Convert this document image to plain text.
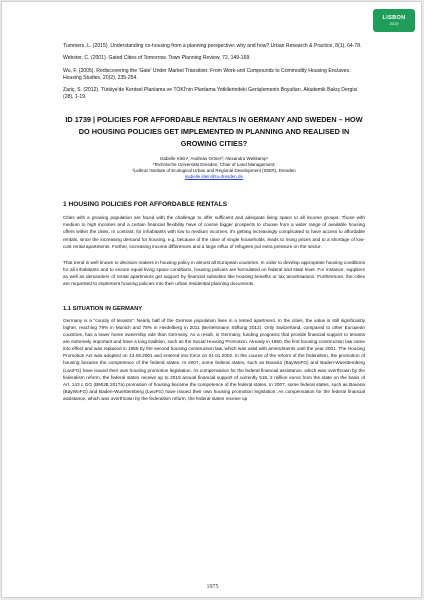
LISBON
2019

Tummers, L. (2015). Understanding co-housing from a planning perspective: why and how? Urban Research & Practice, 8(1), 64-78.

Webster, C. (2001). Gated Cities of Tomorrow. Town Planning Review, 72, 149-169.

Wu, F. (2005). Rediscovering the 'Gate' Under Market Transition: From Work-unit Compounds to Commodity Housing Enclaves. Housing Studies, 20(2), 235-254.

Zariç, S. (2012). Türkiye'de Kentsel Planlama ve TOKİ'nin Planlama Yetkilerindeki Genişlemenin Boyutları. Akademik Bakış Dergisi (28), 1-19.

ID 1739 | POLICIES FOR AFFORDABLE RENTALS IN GERMANY AND SWEDEN – HOW DO HOUSING POLICIES GET IMPLEMENTED IN PLANNING AND REALISED IN GROWING CITIES?
Isabelle Klein¹; Andreas Ortner²; Alexandra Weitkamp¹
¹Technische Universität Dresden, Chair of Land Management;
²Leibniz Institute of Ecological Urban and Regional Development (IOER), Dresden
isabelle.klein@tu-dresden.de
1 HOUSING POLICIES FOR AFFORDABLE RENTALS

Cities with a growing population are faced with the challenge to offer sufficient and adequate living space to all income groups. Those with medium to high incomes and a certain financial flexibility have of course bigger prospects to choose from a wider range of available housing offers within the cities. In contrast, for inhabitants with low to medium incomes, it's getting increasingly complicated to have access to affordable rentals, since the increasing demand for housing, e.g. because of the raise of single households, leads to rising prices and to a shortage of low-cost rental apartments. Further, increasing income differences and a large influx of refugees put extra pressure on the sector.

That trend is well known to decision makers in housing policy in almost all European countries. In order to develop appropriate housing conditions for all inhabitants and to ensure equal living space conditions, housing policies are formulated on federal and state level. For instance, suppliers as well as demanders of rental apartments get support by financial subsidies like housing benefits or tax amortisations. Furthermore, the cities are requested to implement housing policies into their urban residential planning documents.

1.1 SITUATION IN GERMANY

Germany is a "county of tenants". Nearly half of the German population lives in a rented apartment. In the cities, the value is still significantly higher, reaching 79% in Munich and 78% in Heidelberg in 2011 (Bertelsmann Stiftung 2012). Only Switzerland, compared to other European countries, has a lower home ownership rate than Germany. As a result, in Germany, funding programs that provide financial support to tenants are extremely important and have a long tradition, such as the Social Housing Promotion. Already in 1950, the first housing construction law came into effect and was replaced in 1956 by the second housing construction law, which was valid with amendments until the year 2001. The Housing Promotion Act was adopted on 13.09.2001 and entered into force on 01.01.2002. In the course of the reform of the federalism, the promotion of housing became the competence of the federal states. In 2007, some federal states, such as Bavaria (BayWoFG) and Baden-Wuerttemberg (LwoFG) have issued their own housing promotion legislation. As compensation for the federal financial assistance, which was overthrown by the federalism reform, the federal states receive up to 2019 annual financial support of currently 518, 2 million euros from the state on the basis of Art. 143 c GG (BMUB 2017a) promotion of housing became the competence of the federal states. In 2007, some federal states, such as Bavaria (BayWoFG) and Baden-Wuerttemberg (LwoFG) have issued their own housing promotion legislation. As compensation for the federal financial assistance, which was overthrown by the federalism reform, the federal states receive up

1975
